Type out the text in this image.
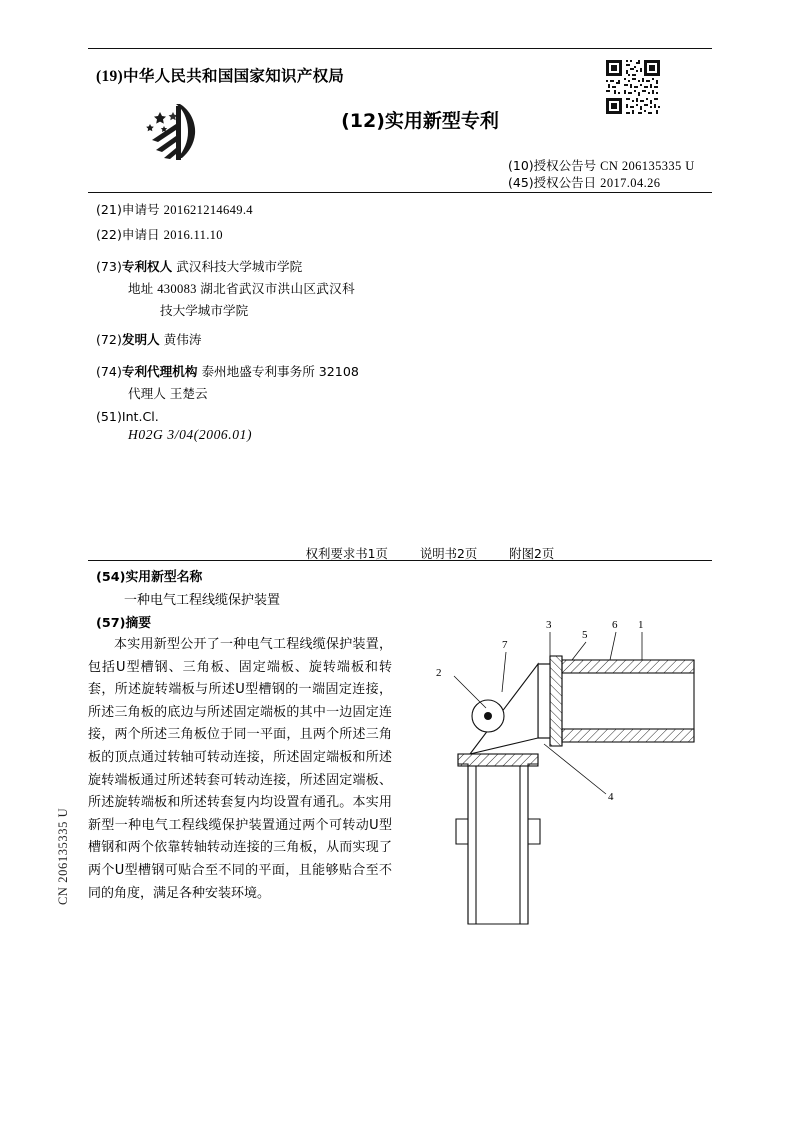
CN 206135335 U
(19)中华人民共和国国家知识产权局
(12)实用新型专利
(10)授权公告号 CN 206135335 U
(45)授权公告日 2017.04.26
(21)申请号 201621214649.4
(22)申请日 2016.11.10
(73)专利权人 武汉科技大学城市学院
地址 430083 湖北省武汉市洪山区武汉科
技大学城市学院
(72)发明人 黄伟涛
(74)专利代理机构 泰州地盛专利事务所 32108
代理人 王楚云
(51)Int.Cl.
H02G 3/04(2006.01)
权利要求书1页	说明书2页	附图2页
(54)实用新型名称
一种电气工程线缆保护装置
(57)摘要
本实用新型公开了一种电气工程线缆保护装置，包括U型槽钢、三角板、固定端板、旋转端板和转套，所述旋转端板与所述U型槽钢的一端固定连接，所述三角板的底边与所述固定端板的其中一边固定连接，两个所述三角板位于同一平面，且两个所述三角板的顶点通过转轴可转动连接，所述固定端板和所述旋转端板通过所述转套可转动连接，所述固定端板、所述旋转端板和所述转套复内均设置有通孔。本实用新型一种电气工程线缆保护装置通过两个可转动U型槽钢和两个依靠转轴转动连接的三角板，从而实现了两个U型槽钢可贴合至不同的平面，且能够贴合至不同的角度，满足各种安装环境。
2
7
3
5
6 1
4
